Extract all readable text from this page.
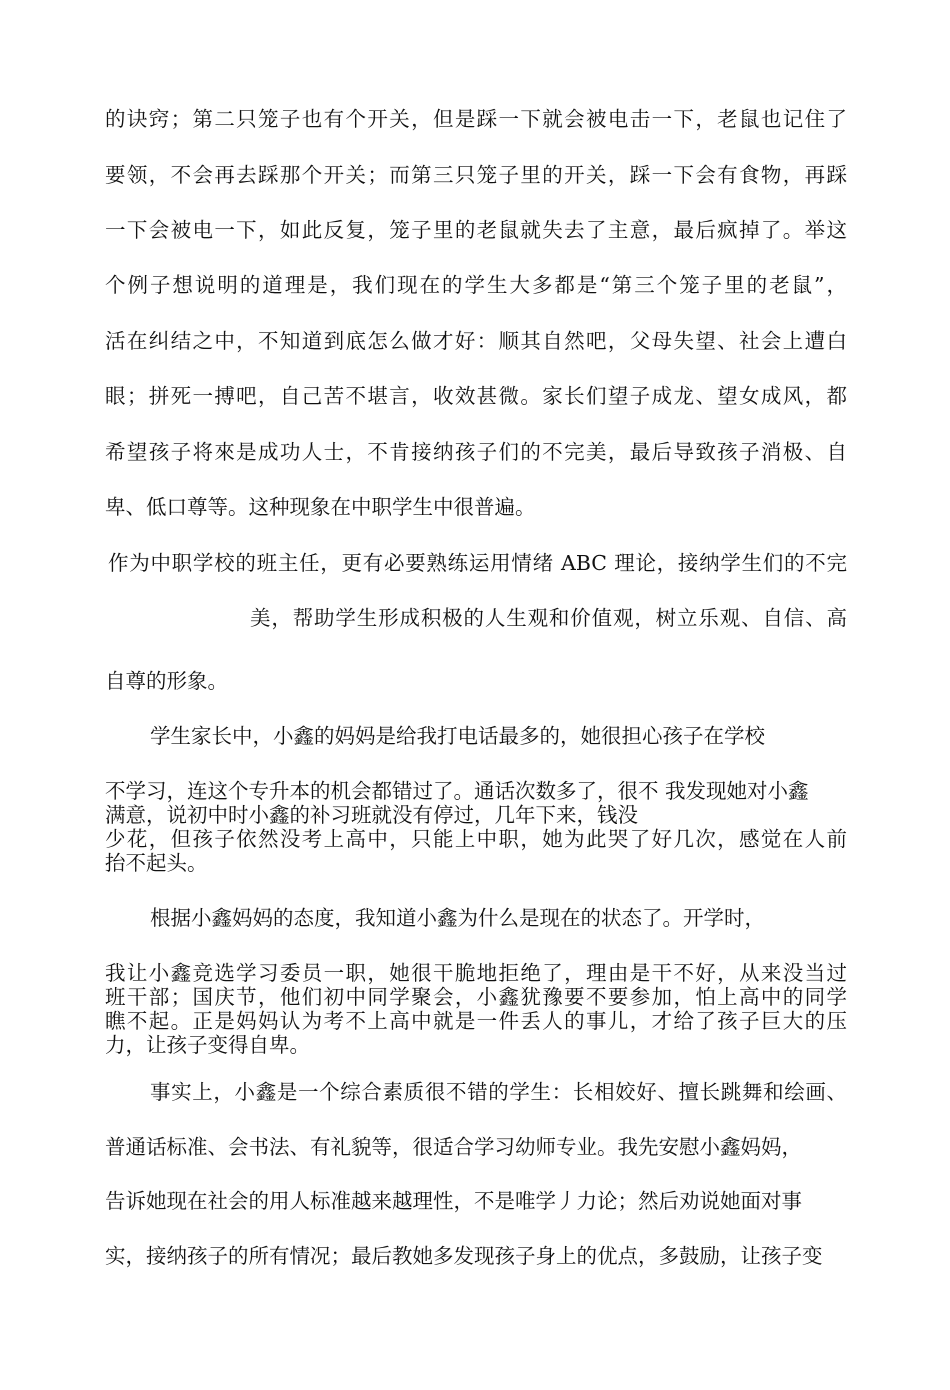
的诀窍；第二只笼子也有个开关，但是踩一下就会被电击一下，老鼠也记住了
要领，不会再去踩那个开关；而第三只笼子里的开关，踩一下会有食物，再踩
一下会被电一下，如此反复，笼子里的老鼠就失去了主意，最后疯掉了。举这
个例子想说明的道理是，我们现在的学生大多都是“第三个笼子里的老鼠”，
活在纠结之中，不知道到底怎么做才好：顺其自然吧，父母失望、社会上遭白
眼；拼死一搏吧，自己苦不堪言，收效甚微。家长们望子成龙、望女成风，都
希望孩子将來是成功人士，不肯接纳孩子们的不完美，最后导致孩子消极、自
卑、低口尊等。这种现象在中职学生中很普遍。
作为中职学校的班主任，更有必要熟练运用情绪 ABC 理论，接纳学生们的不完
美，帮助学生形成积极的人生观和价值观，树立乐观、自信、高
自尊的形象。
学生家长中，小鑫的妈妈是给我打电话最多的，她很担心孩子在学校
不学习，连这个专升本的机会都错过了。通话次数多了，很不 我发现她对小鑫
满意，说初中时小鑫的补习班就没有停过，几年下来，钱没
少花，但孩子依然没考上高中，只能上中职，她为此哭了好几次，感觉在人前
抬不起头。
根据小鑫妈妈的态度，我知道小鑫为什么是现在的状态了。开学时，
我让小鑫竞选学习委员一职，她很干脆地拒绝了，理由是干不好，从来没当过
班干部；国庆节，他们初中同学聚会，小鑫犹豫要不要参加，怕上高中的同学
瞧不起。正是妈妈认为考不上高中就是一件丢人的事儿，才给了孩子巨大的压
力，让孩子变得自卑。
事实上，小鑫是一个综合素质很不错的学生：长相姣好、擅长跳舞和绘画、
普通话标准、会书法、有礼貌等，很适合学习幼师专业。我先安慰小鑫妈妈，
告诉她现在社会的用人标准越来越理性，不是唯学丿力论；然后劝说她面对事
实，接纳孩子的所有情况；最后教她多发现孩子身上的优点，多鼓励，让孩子变
